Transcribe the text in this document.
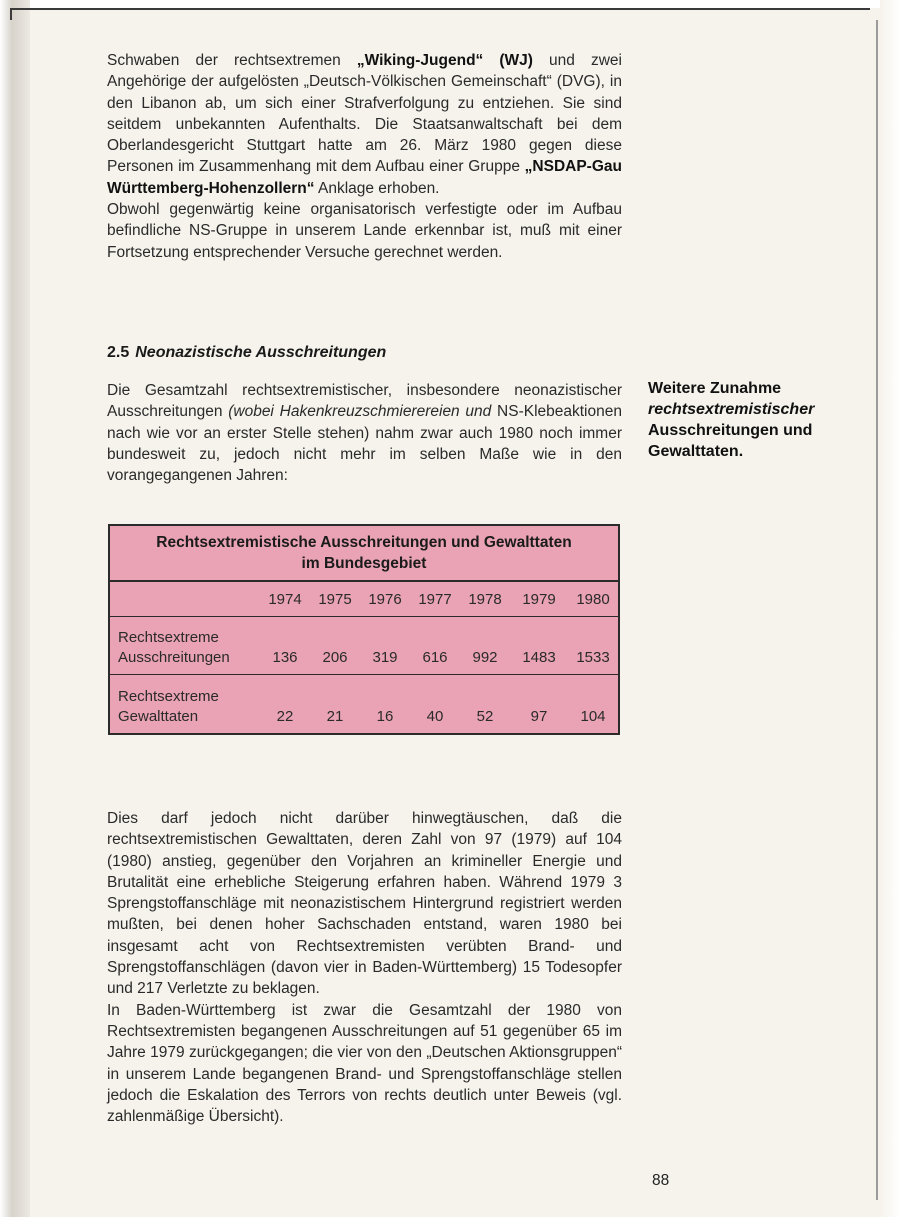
Schwaben der rechtsextremen „Wiking-Jugend“ (WJ) und zwei Angehörige der aufgelösten „Deutsch-Völkischen Gemeinschaft“ (DVG), in den Libanon ab, um sich einer Strafverfolgung zu entziehen. Sie sind seitdem unbekannten Aufenthalts. Die Staatsanwaltschaft bei dem Oberlandesgericht Stuttgart hatte am 26. März 1980 gegen diese Personen im Zusammenhang mit dem Aufbau einer Gruppe „NSDAP-Gau Württemberg-Hohenzollern“ Anklage erhoben.

Obwohl gegenwärtig keine organisatorisch verfestigte oder im Aufbau befindliche NS-Gruppe in unserem Lande erkennbar ist, muß mit einer Fortsetzung entsprechender Versuche gerechnet werden.

2.5 Neonazistische Ausschreitungen

Die Gesamtzahl rechtsextremistischer, insbesondere neonazistischer Ausschreitungen (wobei Hakenkreuzschmierereien und NS-Klebeaktionen nach wie vor an erster Stelle stehen) nahm zwar auch 1980 noch immer bundesweit zu, jedoch nicht mehr im selben Maße wie in den vorangegangenen Jahren:

Weitere Zunahme
rechtsextremistischer
Ausschreitungen und
Gewalttaten.
Rechtsextremistische Ausschreitungen und Gewalttaten
im Bundesgebiet
1974	1975	1976	1977	1978	1979	1980
Rechtsextreme
Ausschreitungen	136	206	319	616	992	1483	1533
Rechtsextreme
Gewalttaten	22	21	16	40	52	97	104

Dies darf jedoch nicht darüber hinwegtäuschen, daß die rechtsextremistischen Gewalttaten, deren Zahl von 97 (1979) auf 104 (1980) anstieg, gegenüber den Vorjahren an krimineller Energie und Brutalität eine erhebliche Steigerung erfahren haben. Während 1979 3 Sprengstoffanschläge mit neonazistischem Hintergrund registriert werden mußten, bei denen hoher Sachschaden entstand, waren 1980 bei insgesamt acht von Rechtsextremisten verübten Brand- und Sprengstoffanschlägen (davon vier in Baden-Württemberg) 15 Todesopfer und 217 Verletzte zu beklagen.

In Baden-Württemberg ist zwar die Gesamtzahl der 1980 von Rechtsextremisten begangenen Ausschreitungen auf 51 gegenüber 65 im Jahre 1979 zurückgegangen; die vier von den „Deutschen Aktionsgruppen“ in unserem Lande begangenen Brand- und Sprengstoffanschläge stellen jedoch die Eskalation des Terrors von rechts deutlich unter Beweis (vgl. zahlenmäßige Übersicht).

88
